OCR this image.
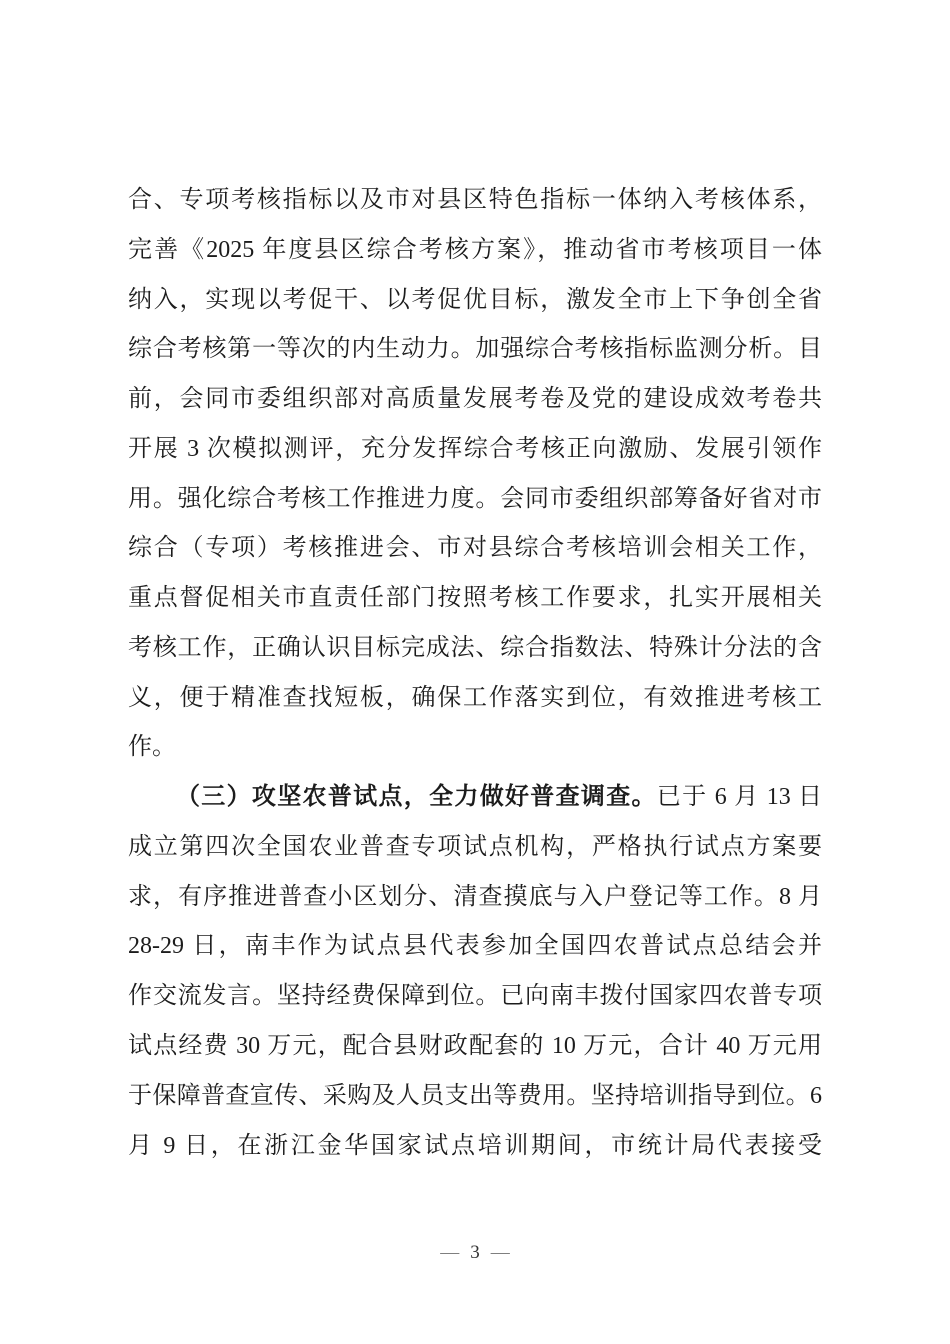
合、专项考核指标以及市对县区特色指标一体纳入考核体系，
完善《2025 年度县区综合考核方案》，推动省市考核项目一体
纳入，实现以考促干、以考促优目标，激发全市上下争创全省
综合考核第一等次的内生动力。加强综合考核指标监测分析。目
前，会同市委组织部对高质量发展考卷及党的建设成效考卷共
开展 3 次模拟测评，充分发挥综合考核正向激励、发展引领作
用。强化综合考核工作推进力度。会同市委组织部筹备好省对市
综合（专项）考核推进会、市对县综合考核培训会相关工作，
重点督促相关市直责任部门按照考核工作要求，扎实开展相关
考核工作，正确认识目标完成法、综合指数法、特殊计分法的含
义，便于精准查找短板，确保工作落实到位，有效推进考核工
作。
（三）攻坚农普试点，全力做好普查调查。已于 6 月 13 日
成立第四次全国农业普查专项试点机构，严格执行试点方案要
求，有序推进普查小区划分、清查摸底与入户登记等工作。8 月
28-29 日，南丰作为试点县代表参加全国四农普试点总结会并
作交流发言。坚持经费保障到位。已向南丰拨付国家四农普专项
试点经费 30 万元，配合县财政配套的 10 万元，合计 40 万元用
于保障普查宣传、采购及人员支出等费用。坚持培训指导到位。6
月 9 日，在浙江金华国家试点培训期间，市统计局代表接受
— 3 —
